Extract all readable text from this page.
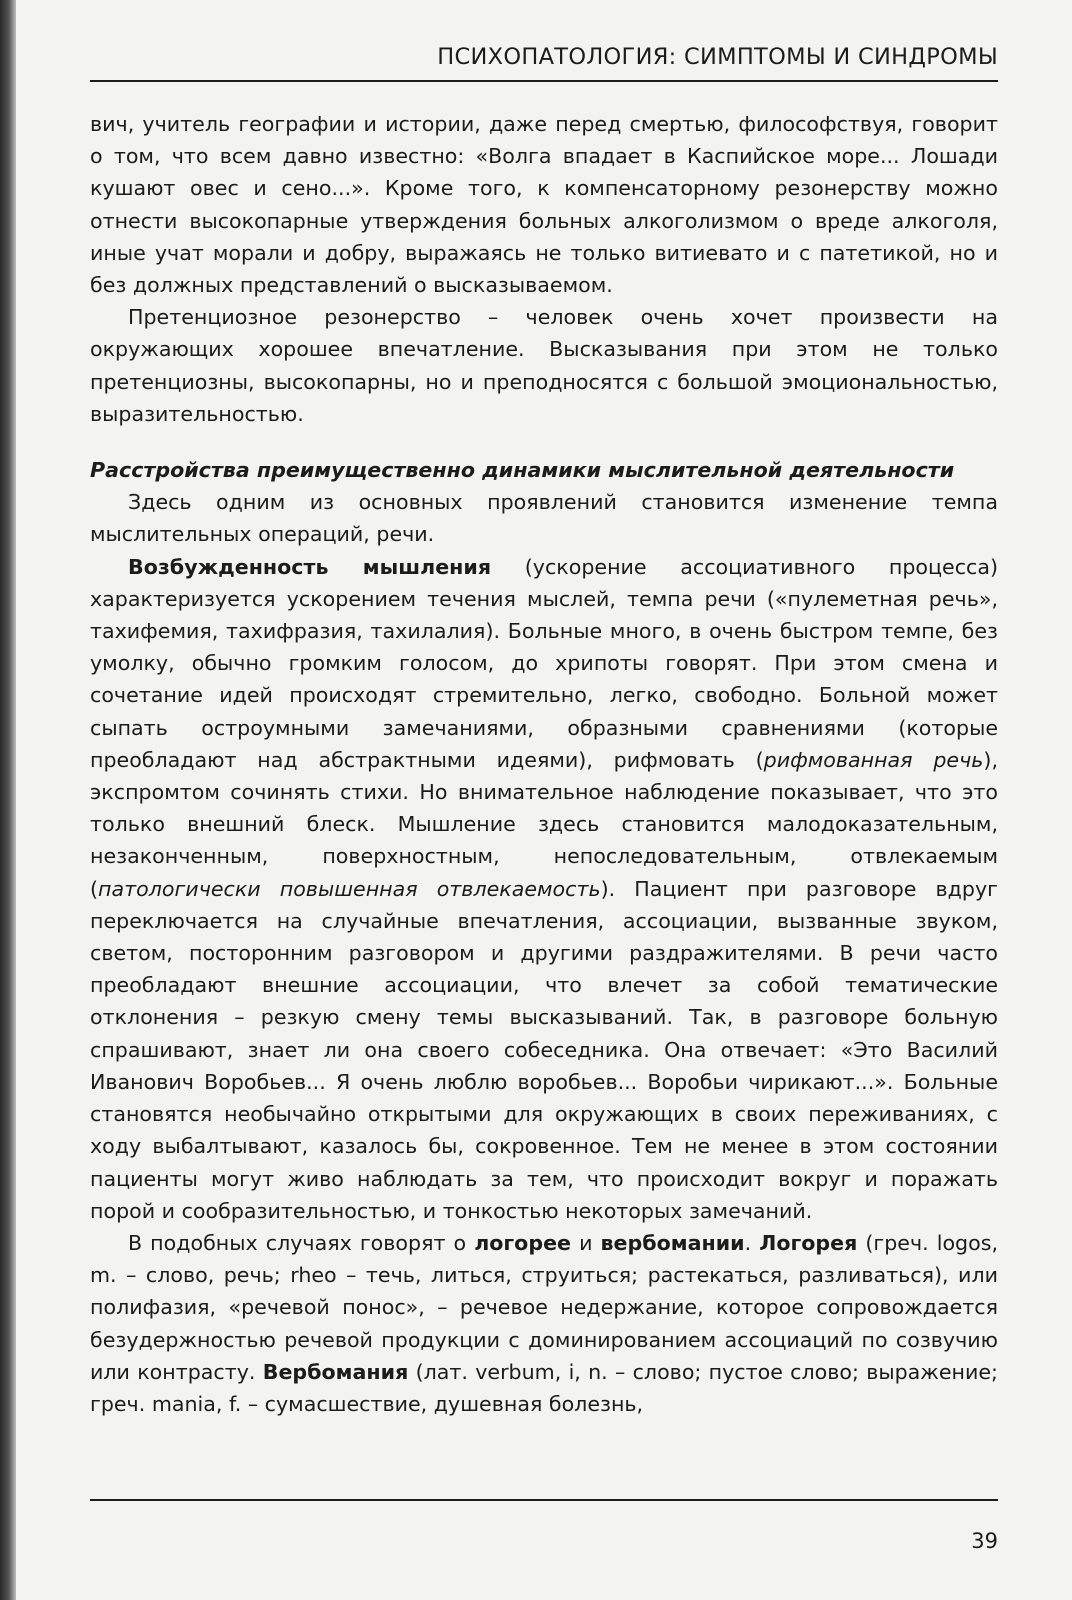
ПСИХОПАТОЛОГИЯ: СИМПТОМЫ И СИНДРОМЫ

вич, учитель географии и истории, даже перед смертью, философствуя, говорит о том, что всем давно известно: «Волга впадает в Каспийское море... Лошади кушают овес и сено...». Кроме того, к компенсаторному резонерству можно отнести высокопарные утверждения больных алкоголизмом о вреде алкоголя, иные учат морали и добру, выражаясь не только витиевато и с патетикой, но и без должных представлений о высказываемом.

Претенциозное резонерство – человек очень хочет произвести на окружающих хорошее впечатление. Высказывания при этом не только претенциозны, высокопарны, но и преподносятся с большой эмоциональностью, выразительностью.

Расстройства преимущественно динамики мыслительной деятельности

Здесь одним из основных проявлений становится изменение темпа мыслительных операций, речи.

Возбужденность мышления (ускорение ассоциативного процесса) характеризуется ускорением течения мыслей, темпа речи («пулеметная речь», тахифемия, тахифразия, тахилалия). Больные много, в очень быстром темпе, без умолку, обычно громким голосом, до хрипоты говорят. При этом смена и сочетание идей происходят стремительно, легко, свободно. Больной может сыпать остроумными замечаниями, образными сравнениями (которые преобладают над абстрактными идеями), рифмовать (рифмованная речь), экспромтом сочинять стихи. Но внимательное наблюдение показывает, что это только внешний блеск. Мышление здесь становится малодоказательным, незаконченным, поверхностным, непоследовательным, отвлекаемым (патологически повышенная отвлекаемость). Пациент при разговоре вдруг переключается на случайные впечатления, ассоциации, вызванные звуком, светом, посторонним разговором и другими раздражителями. В речи часто преобладают внешние ассоциации, что влечет за собой тематические отклонения – резкую смену темы высказываний. Так, в разговоре больную спрашивают, знает ли она своего собеседника. Она отвечает: «Это Василий Иванович Воробьев... Я очень люблю воробьев... Воробьи чирикают...». Больные становятся необычайно открытыми для окружающих в своих переживаниях, с ходу выбалтывают, казалось бы, сокровенное. Тем не менее в этом состоянии пациенты могут живо наблюдать за тем, что происходит вокруг и поражать порой и сообразительностью, и тонкостью некоторых замечаний.

В подобных случаях говорят о логорее и вербомании. Логорея (греч. logos, m. – слово, речь; rheo – течь, литься, струиться; растекаться, разливаться), или полифазия, «речевой понос», – речевое недержание, которое сопровождается безудержностью речевой продукции с доминированием ассоциаций по созвучию или контрасту. Вербомания (лат. verbum, i, n. – слово; пустое слово; выражение; греч. mania, f. – сумасшествие, душевная болезнь,

39
